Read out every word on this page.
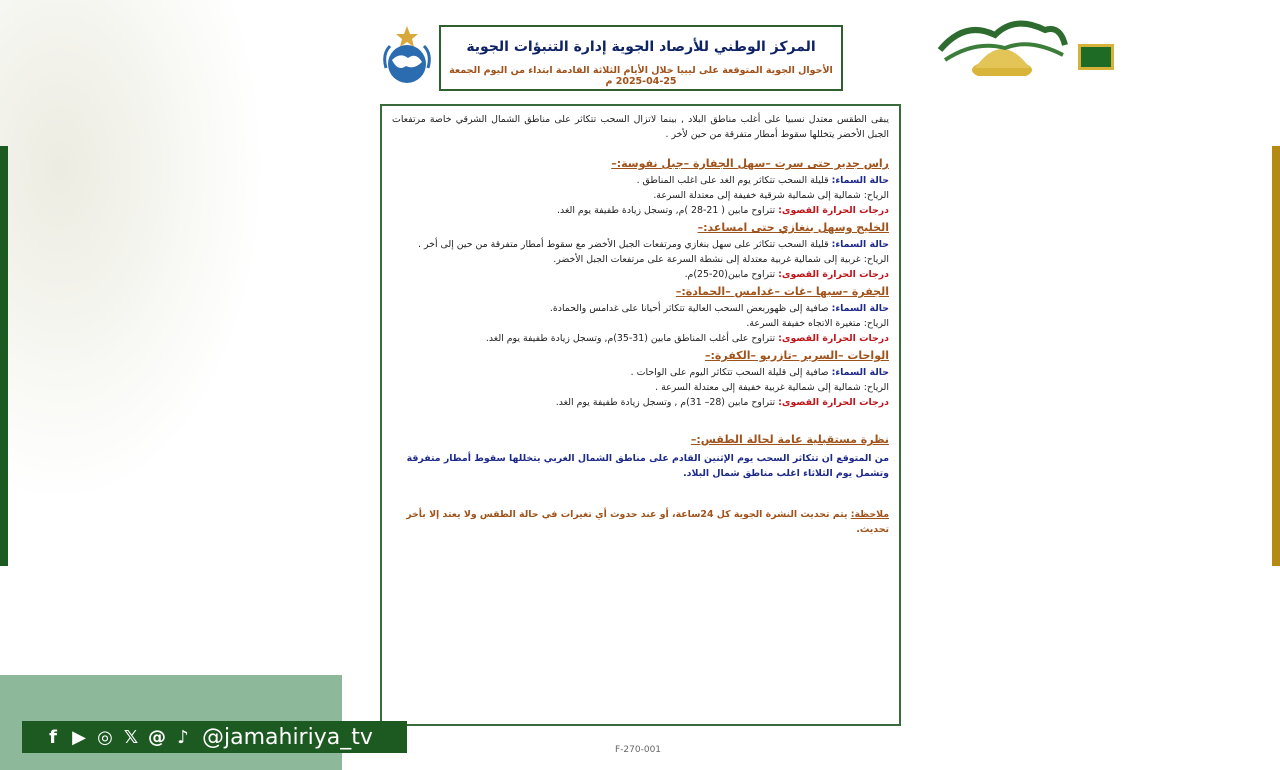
المركز الوطني للأرصاد الجوية إدارة التنبؤات الجوية
الأحوال الجوية المتوقعة على ليبيا خلال الأيام الثلاثة القادمة ابتداء من اليوم الجمعة 25-04-2025 م
يبقى الطقس معتدل نسبيا على أغلب مناطق البلاد , بينما لاتزال السحب تتكاثر على مناطق الشمال الشرقي خاصة مرتفعات الجبل الأخضر يتخللها سقوط أمطار متفرقة من حين لأخر .
راس جدير حتى سرت –سهل الجفارة –جبل نفوسة:–
حالة السماء: قليلة السحب تتكاثر يوم الغد على اغلب المناطق .
الرياح: شمالية إلى شمالية شرقية خفيفة إلى معتدلة السرعة.
درجات الحرارة القصوى: تتراوح مابين ( 21-28 )م, وتسجل زيادة طفيفة يوم الغد.
الخليج وسهل بنغازي حتى امساعد:–
حالة السماء: قليلة السحب تتكاثر على سهل بنغازي ومرتفعات الجبل الأخضر مع سقوط أمطار متفرقة من حين إلى أخر .
الرياح: غربية إلى شمالية غربية معتدلة إلى نشطة السرعة على مرتفعات الجبل الأخضر.
درجات الحرارة القصوى: تتراوح مابين(20-25)م.
الجفرة –سبها –غات –غدامس –الحمادة:–
حالة السماء: صافية إلى ظهوربعض السحب العالية تتكاثر أحيانا على غدامس والحمادة.
الرياح: متغيرة الاتجاه خفيفة السرعة.
درجات الحرارة القصوى: تتراوح على أغلب المناطق مابين (31-35)م, وتسجل زيادة طفيفة يوم الغد.
الواحات –السرير –تازربو –الكفرة:–
حالة السماء: صافية إلى قليلة السحب تتكاثر اليوم على الواحات .
الرياح: شمالية إلى شمالية غربية خفيفة إلى معتدلة السرعة .
درجات الحرارة القصوى: تتراوح مابين (28– 31)م , وتسجل زيادة طفيفة يوم الغد.
نظرة مستقبلية عامة لحالة الطقس:–
من المتوقع ان تتكاثر السحب يوم الإثنين القادم على مناطق الشمال الغربي يتخللها سقوط أمطار متفرقة وتشمل يوم الثلاثاء اغلب مناطق شمال البلاد.
ملاحظة: يتم تحديث النشرة الجوية كل 24ساعة، أو عند حدوث أي تغيرات في حالة الطقس ولا يعتد إلا بأخر تحديث.
f ▶ ◎ 𝕏 @ ♪ @jamahiriya_tv
F-270-001
